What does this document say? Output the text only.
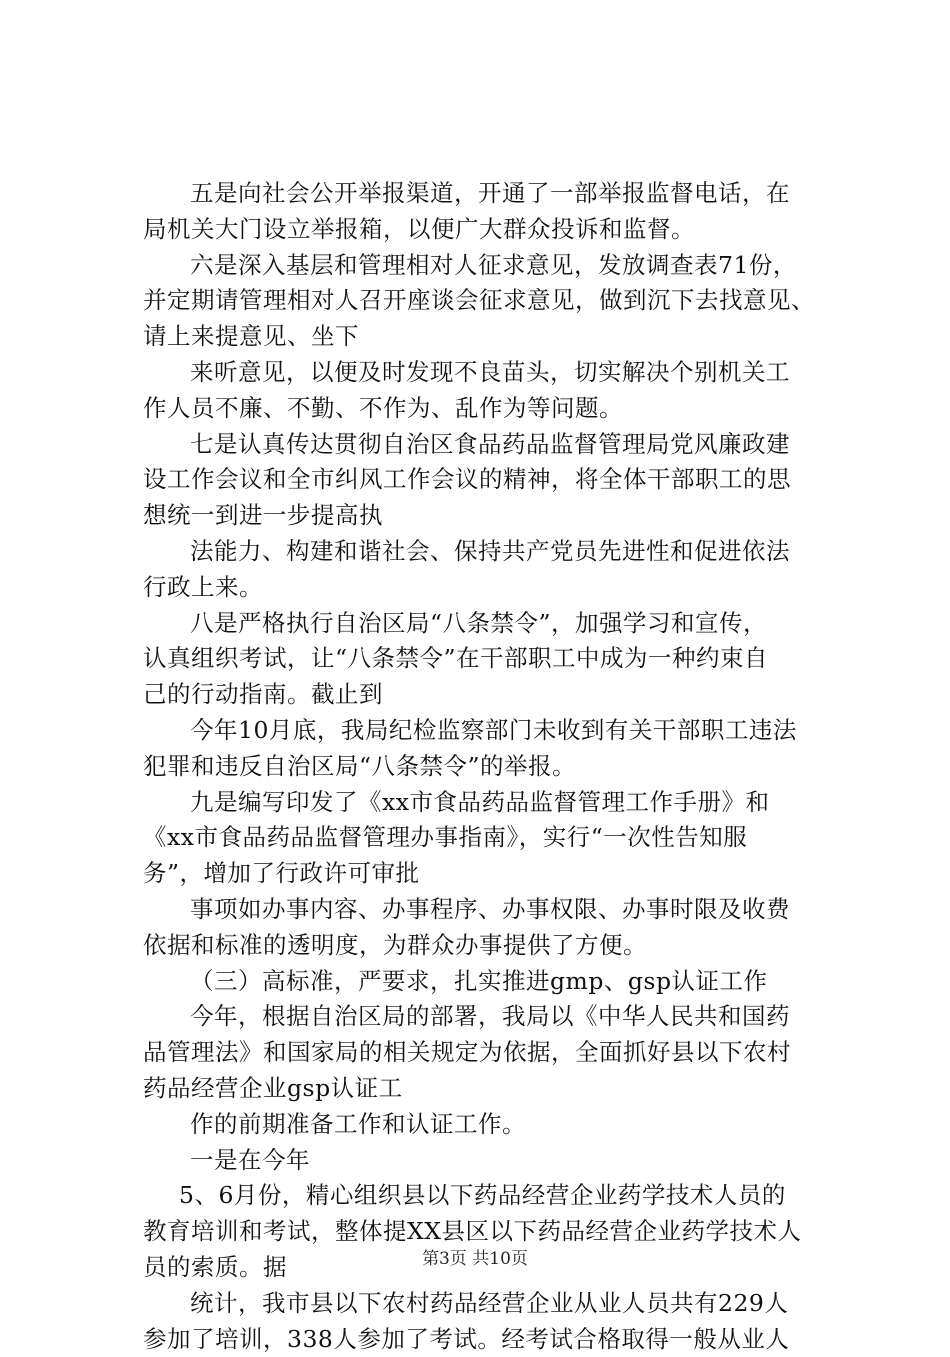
五是向社会公开举报渠道，开通了一部举报监督电话，在
局机关大门设立举报箱，以便广大群众投诉和监督。
六是深入基层和管理相对人征求意见，发放调查表71份，
并定期请管理相对人召开座谈会征求意见，做到沉下去找意见、
请上来提意见、坐下
来听意见，以便及时发现不良苗头，切实解决个别机关工
作人员不廉、不勤、不作为、乱作为等问题。
七是认真传达贯彻自治区食品药品监督管理局党风廉政建
设工作会议和全市纠风工作会议的精神，将全体干部职工的思
想统一到进一步提高执
法能力、构建和谐社会、保持共产党员先进性和促进依法
行政上来。
八是严格执行自治区局“八条禁令”，加强学习和宣传，
认真组织考试，让“八条禁令”在干部职工中成为一种约束自
己的行动指南。截止到
今年10月底，我局纪检监察部门未收到有关干部职工违法
犯罪和违反自治区局“八条禁令”的举报。
九是编写印发了《xx市食品药品监督管理工作手册》和
《xx市食品药品监督管理办事指南》，实行“一次性告知服
务”，增加了行政许可审批
事项如办事内容、办事程序、办事权限、办事时限及收费
依据和标准的透明度，为群众办事提供了方便。
（三）高标准，严要求，扎实推进gmp、gsp认证工作
今年，根据自治区局的部署，我局以《中华人民共和国药
品管理法》和国家局的相关规定为依据，全面抓好县以下农村
药品经营企业gsp认证工
作的前期准备工作和认证工作。
一是在今年
5、6月份，精心组织县以下药品经营企业药学技术人员的
教育培训和考试，整体提XX县区以下药品经营企业药学技术人
员的索质。据
统计，我市县以下农村药品经营企业从业人员共有229人
参加了培训，338人参加了考试。经考试合格取得一般从业人
第3页 共10页
